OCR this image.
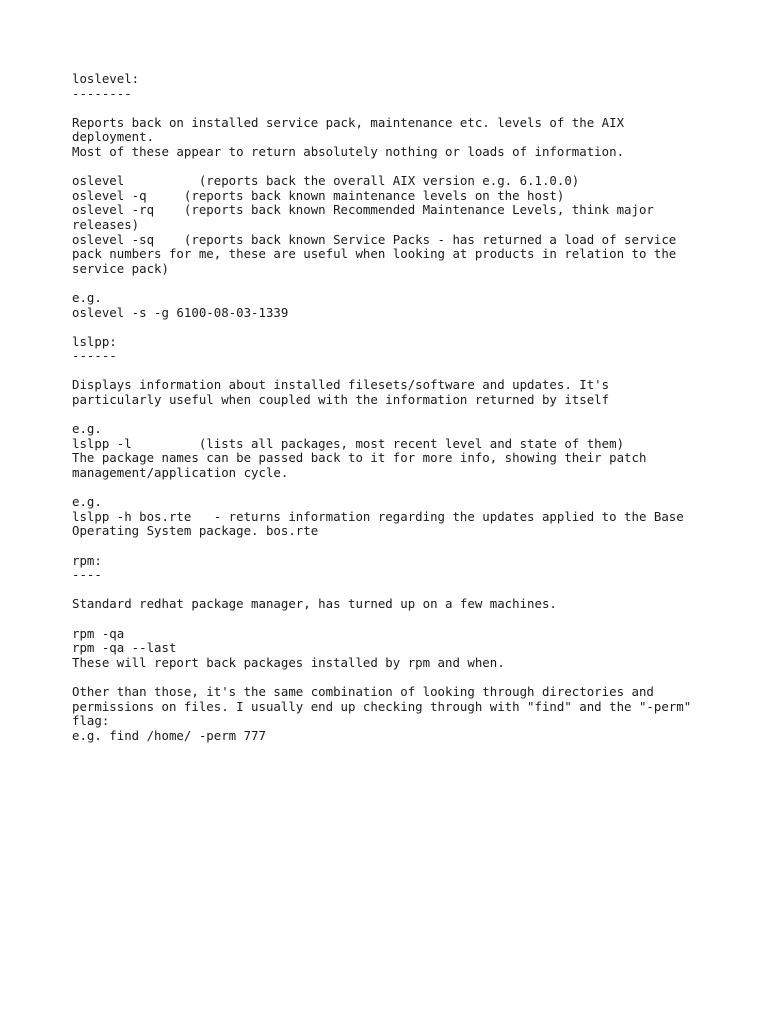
loslevel:
--------
Reports back on installed service pack, maintenance etc. levels of the AIX
deployment.
Most of these appear to return absolutely nothing or loads of information.
oslevel          (reports back the overall AIX version e.g. 6.1.0.0)
oslevel -q     (reports back known maintenance levels on the host)
oslevel -rq    (reports back known Recommended Maintenance Levels, think major
releases)
oslevel -sq    (reports back known Service Packs - has returned a load of service
pack numbers for me, these are useful when looking at products in relation to the
service pack)
e.g.
oslevel -s -g 6100-08-03-1339
lslpp:
------
Displays information about installed filesets/software and updates. It's
particularly useful when coupled with the information returned by itself
e.g.
lslpp -l         (lists all packages, most recent level and state of them)
The package names can be passed back to it for more info, showing their patch
management/application cycle.
e.g.
lslpp -h bos.rte   - returns information regarding the updates applied to the Base
Operating System package. bos.rte
rpm:
----
Standard redhat package manager, has turned up on a few machines.
rpm -qa
rpm -qa --last
These will report back packages installed by rpm and when.
Other than those, it's the same combination of looking through directories and
permissions on files. I usually end up checking through with "find" and the "-perm"
flag:
e.g. find /home/ -perm 777
